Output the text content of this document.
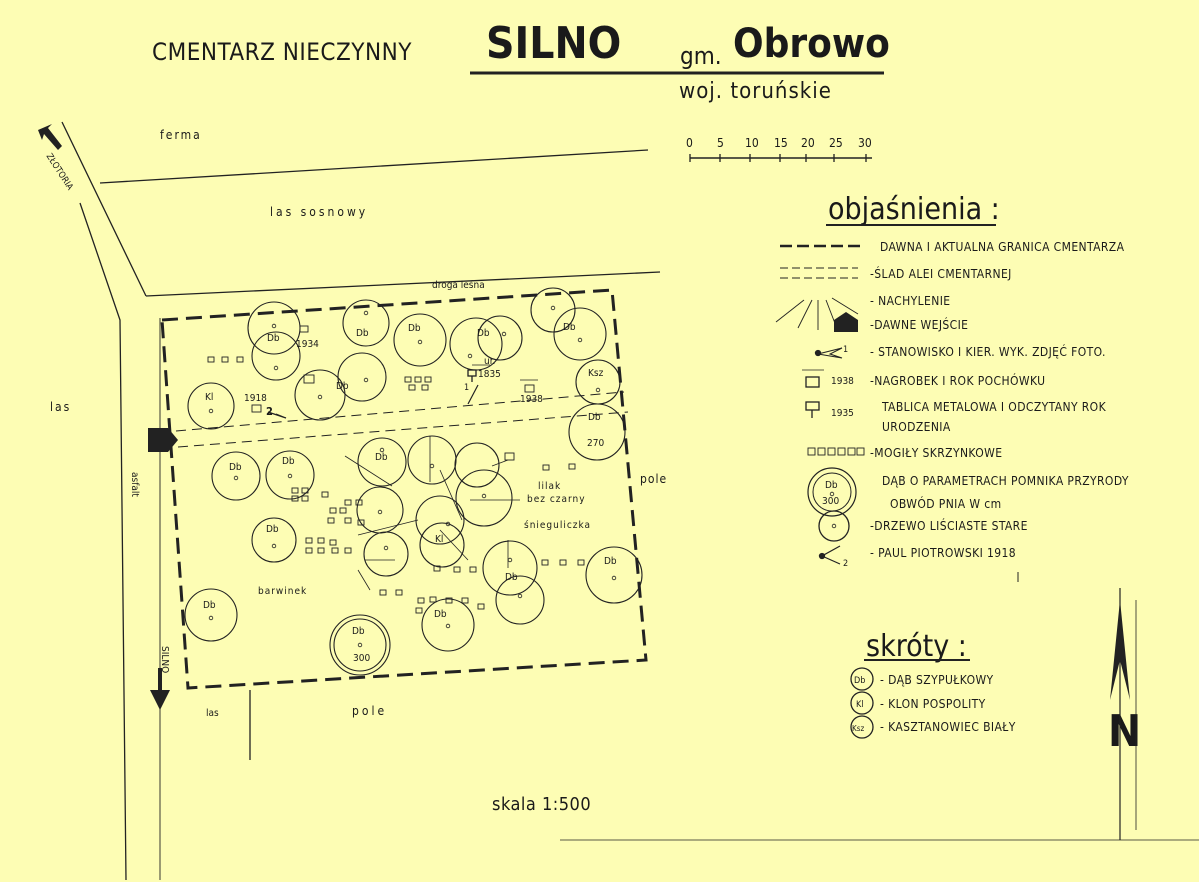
CMENTARZ NIECZYNNY SILNO gm. Obrowo
woj. toruńskie
0 5 10 15 20 25 30
ferma
las sosnowy
droga leśna
ZŁOTORIA
las
asfalt
SILNO
las	pole
pole
barwinek
lilak
bez czarny
śnieguliczka
skala 1:500
objaśnienia :
DAWNA I AKTUALNA GRANICA CMENTARZA
-ŚLAD ALEI CMENTARNEJ
- NACHYLENIE
-DAWNE WEJŚCIE
- STANOWISKO I KIER. WYK. ZDJĘĆ FOTO.
-NAGROBEK I ROK POCHÓWKU
TABLICA METALOWA I ODCZYTANY ROK
URODZENIA
-MOGIŁY SKRZYNKOWE
DĄB O PARAMETRACH POMNIKA PRZYRODY
OBWÓD PNIA W cm
-DRZEWO LIŚCIASTE STARE
- PAUL PIOTROWSKI 1918
skróty :
- DĄB SZYPUŁKOWY
- KLON POSPOLITY
- KASZTANOWIEC BIAŁY N
Db	Db	Db	Db
Db
Db
Db
Db	Db
Db
Db
Db
Db
Db
Db
300
Db
270
Kl
Kl
Ksz
1934
1918	1938
ur.
1835
1
2
1938
1935
Db
300
1
2
Db
Kl
Ksz
